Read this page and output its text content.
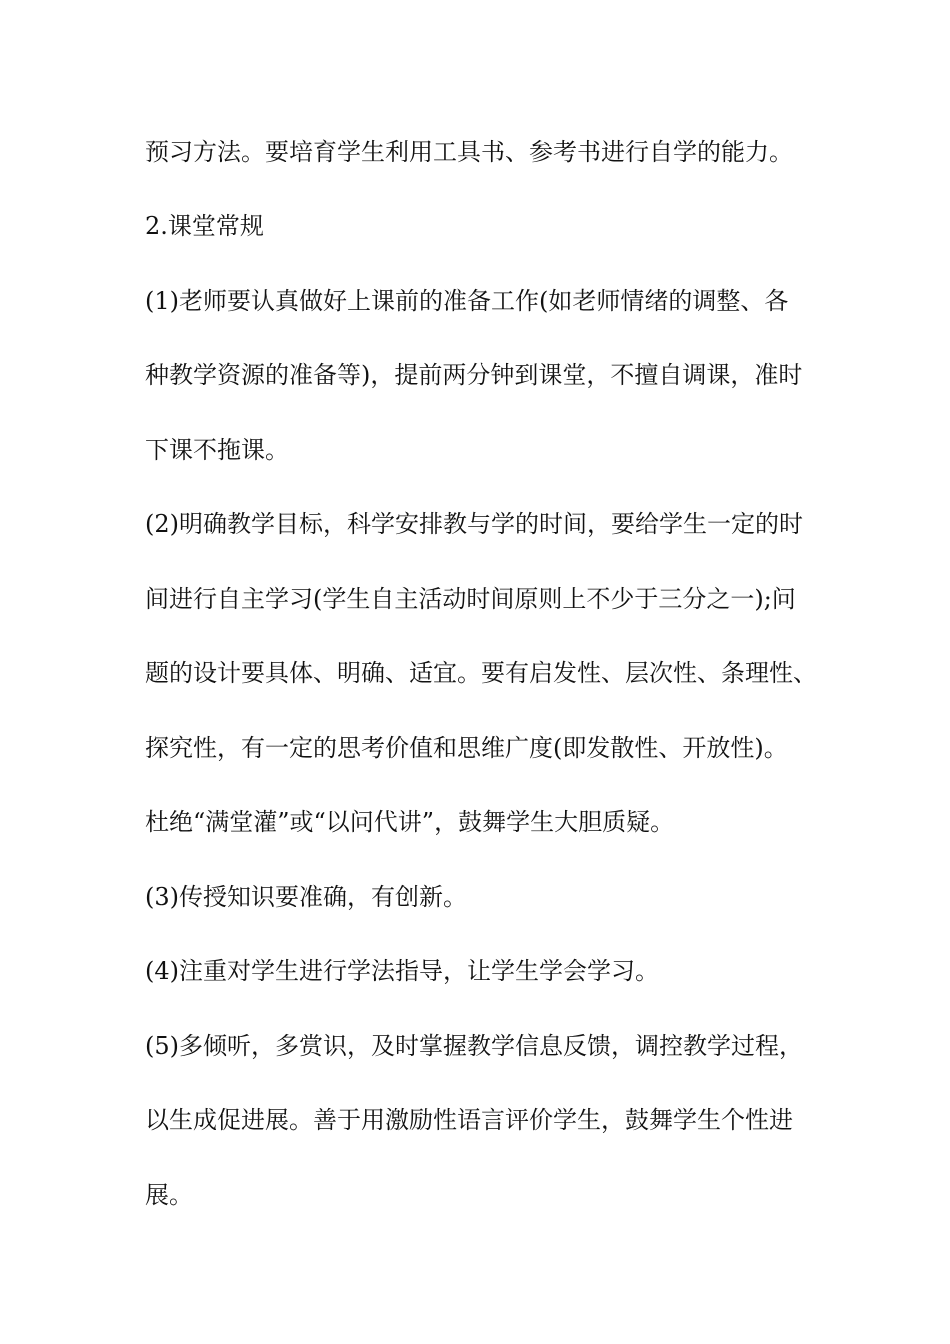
预习方法。要培育学生利用工具书、参考书进行自学的能力。

2.课堂常规

(1)老师要认真做好上课前的准备工作(如老师情绪的调整、各

种教学资源的准备等)，提前两分钟到课堂，不擅自调课，准时

下课不拖课。

(2)明确教学目标，科学安排教与学的时间，要给学生一定的时

间进行自主学习(学生自主活动时间原则上不少于三分之一);问

题的设计要具体、明确、适宜。要有启发性、层次性、条理性、

探究性，有一定的思考价值和思维广度(即发散性、开放性)。

杜绝“满堂灌”或“以问代讲”，鼓舞学生大胆质疑。

(3)传授知识要准确，有创新。

(4)注重对学生进行学法指导，让学生学会学习。

(5)多倾听，多赏识，及时掌握教学信息反馈，调控教学过程，

以生成促进展。善于用激励性语言评价学生，鼓舞学生个性进

展。
